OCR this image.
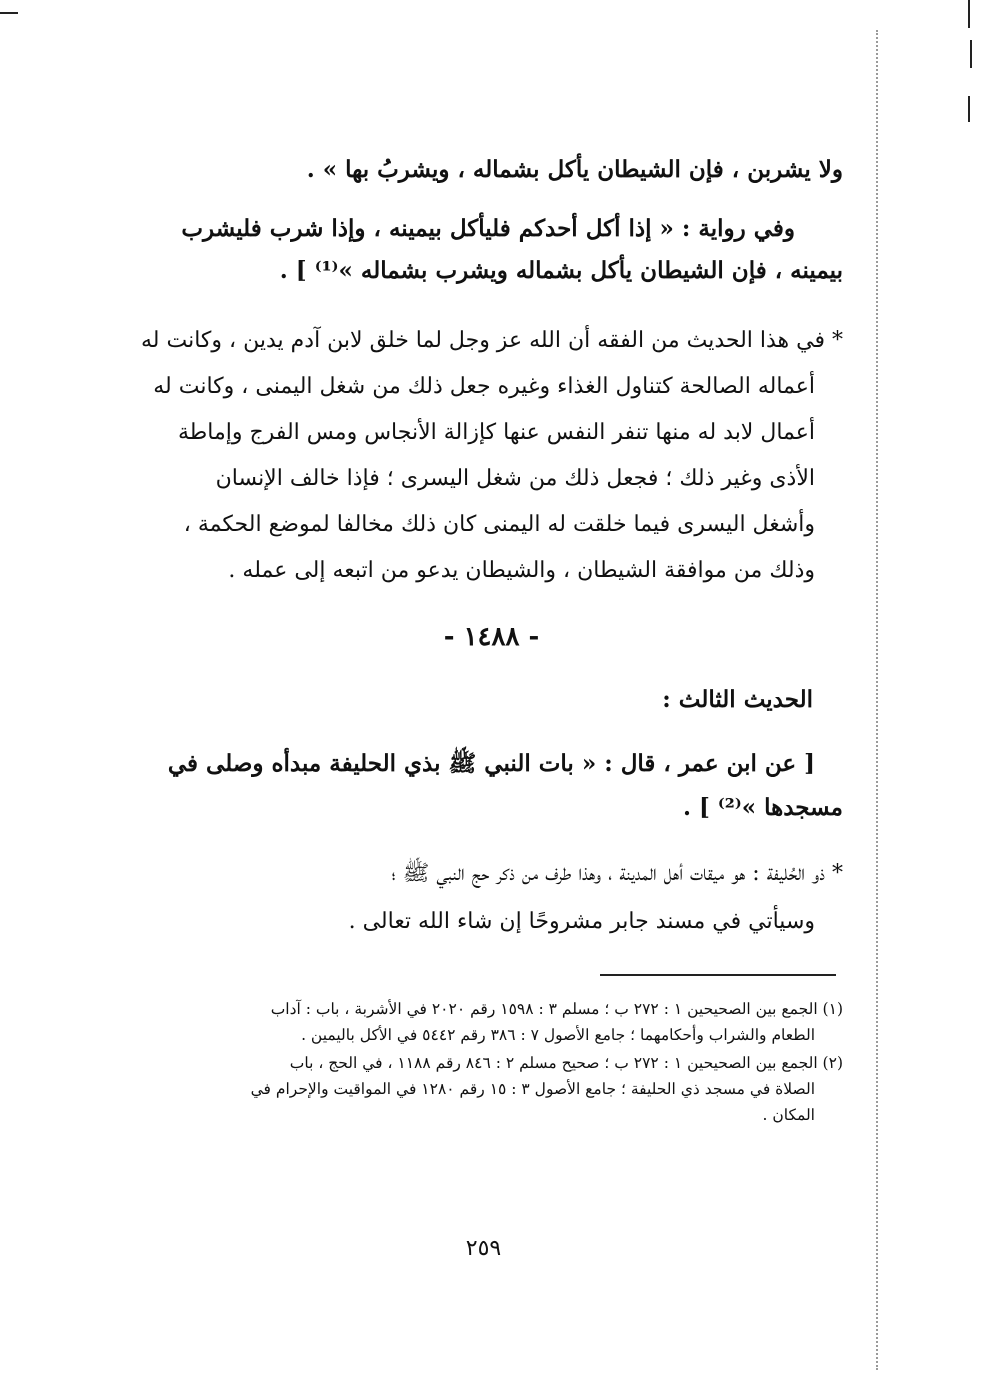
ولا يشربن ، فإن الشيطان يأكل بشماله ، ويشربُ بها » .
وفي رواية : « إذا أكل أحدكم فليأكل بيمينه ، وإذا شرب فليشرب
بيمينه ، فإن الشيطان يأكل بشماله ويشرب بشماله »⁽¹⁾ ] .
* في هذا الحديث من الفقه أن الله عز وجل لما خلق لابن آدم يدين ، وكانت له
أعماله الصالحة كتناول الغذاء وغيره جعل ذلك من شغل اليمنى ، وكانت له
أعمال لابد له منها تنفر النفس عنها كإزالة الأنجاس ومس الفرج وإماطة
الأذى وغير ذلك ؛ فجعل ذلك من شغل اليسرى ؛ فإذا خالف الإنسان
وأشغل اليسرى فيما خلقت له اليمنى كان ذلك مخالفا لموضع الحكمة ،
وذلك من موافقة الشيطان ، والشيطان يدعو من اتبعه إلى عمله .
- ١٤٨٨ -
الحديث الثالث :
[ عن ابن عمر ، قال : « بات النبي ﷺ بذي الحليفة مبدأه وصلى في
مسجدها »⁽²⁾ ] .
* ذو الحُليفة : هو ميقات أهل المدينة ، وهذا طرف من ذكر حج النبي ﷺ ؛
وسيأتي في مسند جابر مشروحًا إن شاء الله تعالى .
(١) الجمع بين الصحيحين ١ : ٢٧٢ ب ؛ مسلم ٣ : ١٥٩٨ رقم ٢٠٢٠ في الأشربة ، باب : آداب
الطعام والشراب وأحكامهما ؛ جامع الأصول ٧ : ٣٨٦ رقم ٥٤٤٢ في الأكل باليمين .
(٢) الجمع بين الصحيحين ١ : ٢٧٢ ب ؛ صحيح مسلم ٢ : ٨٤٦ رقم ١١٨٨ ، في الحج ، باب
الصلاة في مسجد ذي الحليفة ؛ جامع الأصول ٣ : ١٥ رقم ١٢٨٠ في المواقيت والإحرام في
المكان .
٢٥٩
